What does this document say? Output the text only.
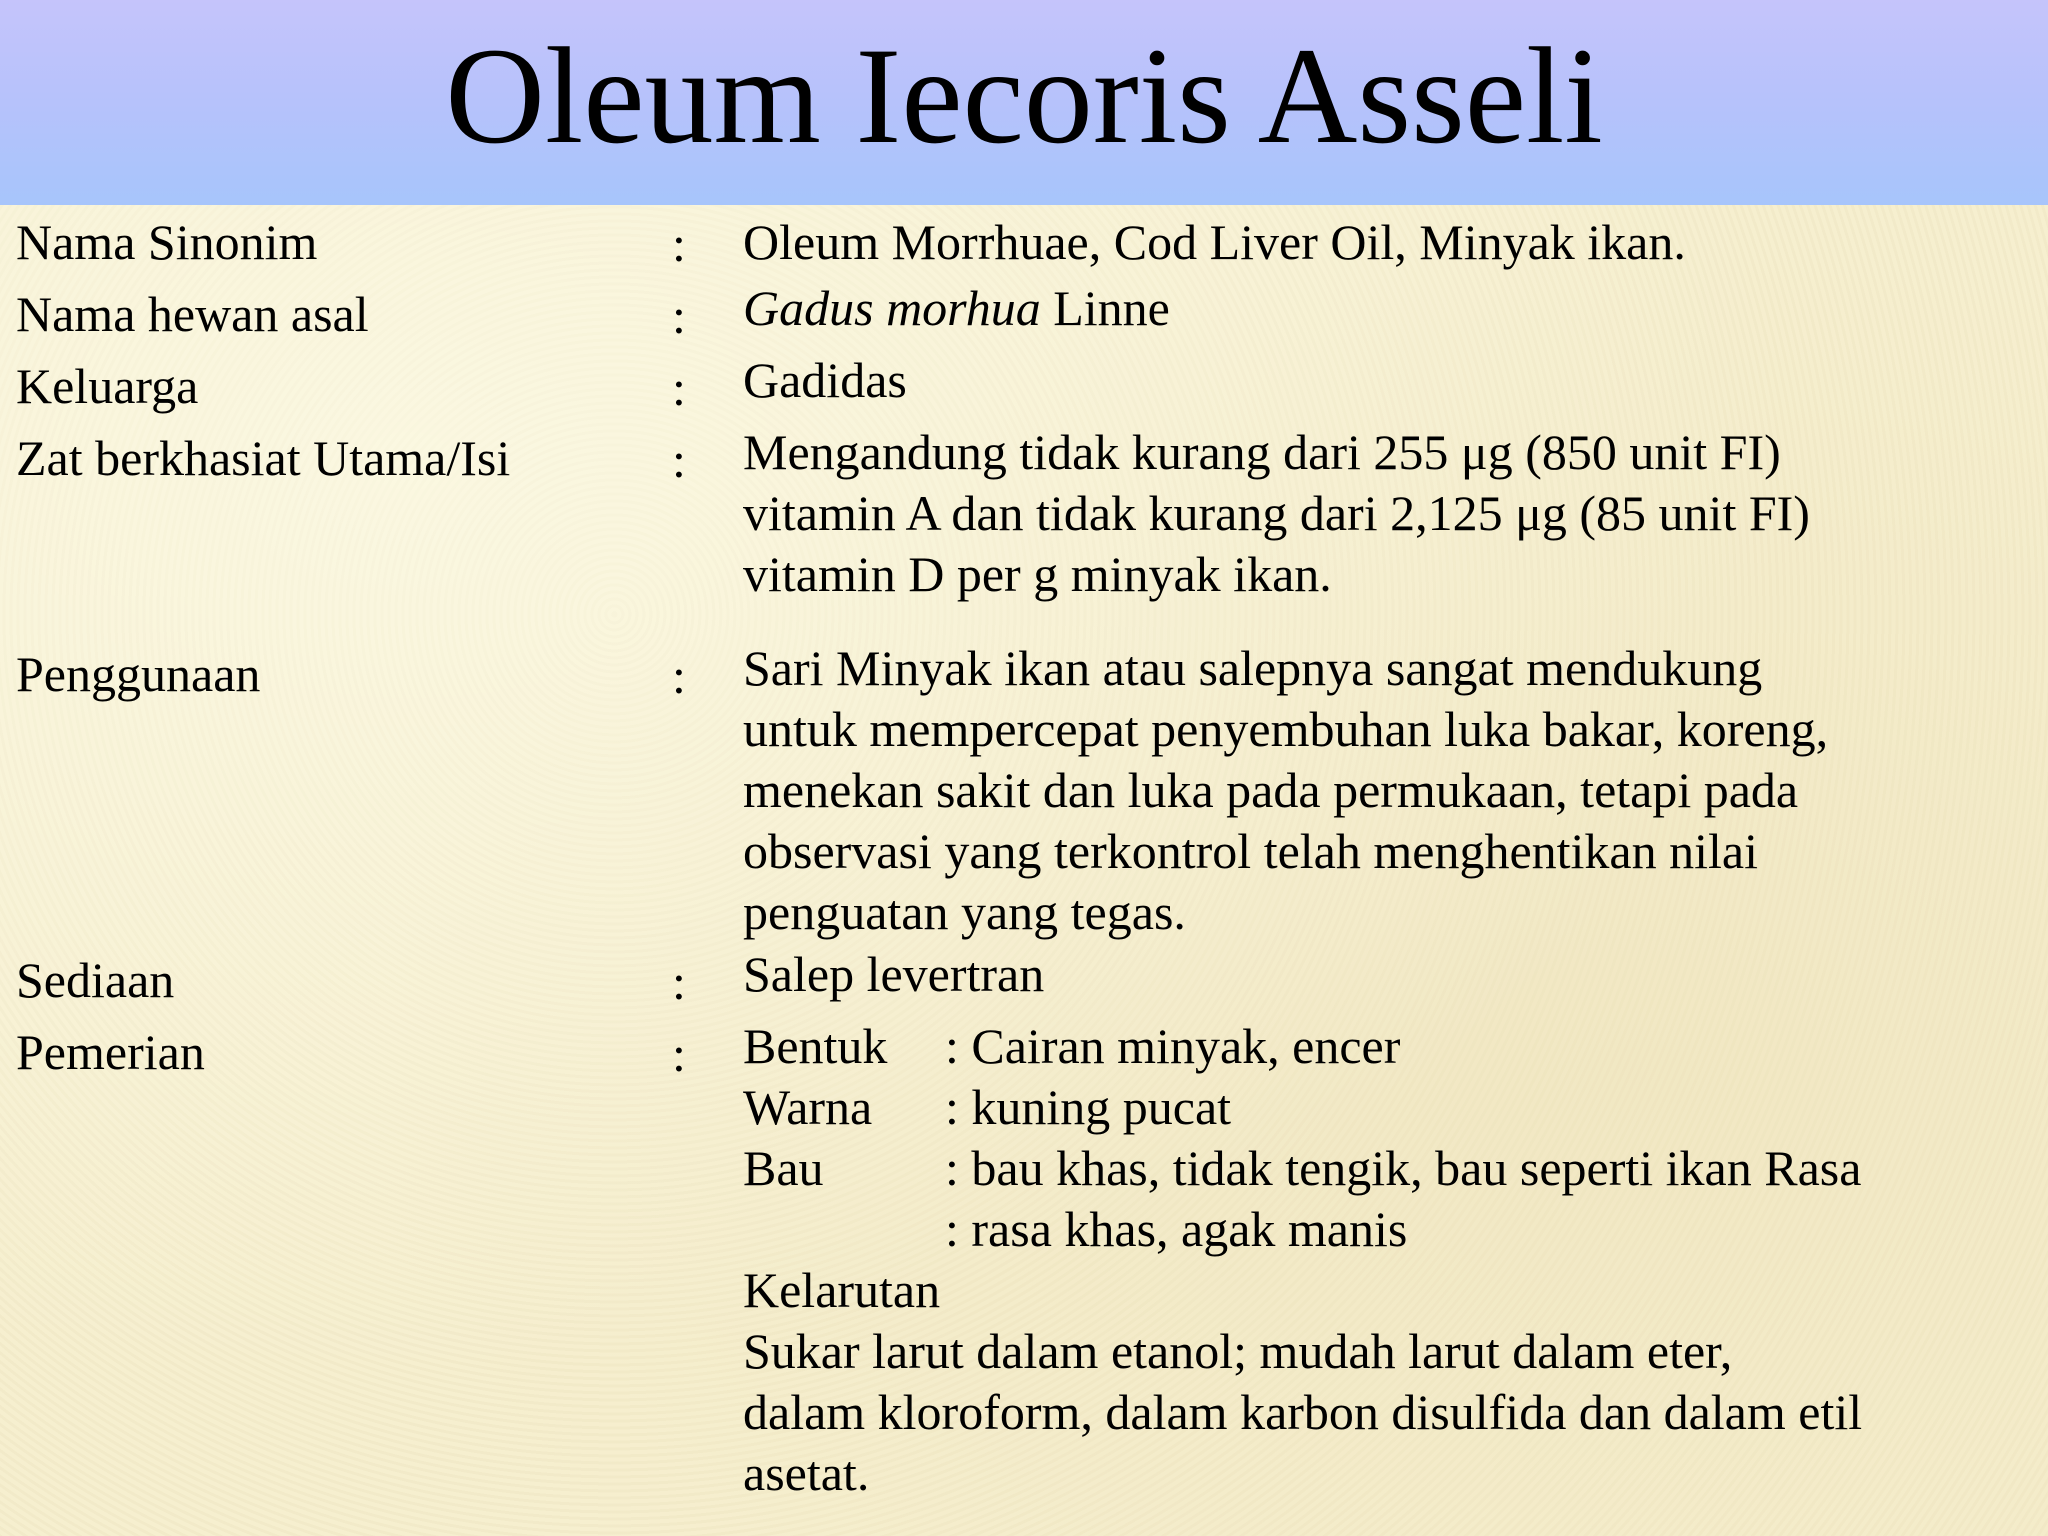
Oleum Iecoris Asseli
Nama Sinonim	: Oleum Morrhuae, Cod Liver Oil, Minyak ikan.
Nama hewan asal	: Gadus morhua Linne
Keluarga	: Gadidas
Zat berkhasiat Utama/Isi	: Mengandung tidak kurang dari 255 μg (850 unit FI)
vitamin A dan tidak kurang dari 2,125 μg (85 unit FI)
vitamin D per g minyak ikan.
Penggunaan	: Sari Minyak ikan atau salepnya sangat mendukung
untuk mempercepat penyembuhan luka bakar, koreng,
menekan sakit dan luka pada permukaan, tetapi pada
observasi yang terkontrol telah menghentikan nilai
penguatan yang tegas.
Sediaan	: Salep levertran
Pemerian	: Bentuk : Cairan minyak, encer
Warna : kuning pucat
Bau : bau khas, tidak tengik, bau seperti ikan Rasa
: rasa khas, agak manis
Kelarutan
Sukar larut dalam etanol; mudah larut dalam eter,
dalam kloroform, dalam karbon disulfida dan dalam etil
asetat.
